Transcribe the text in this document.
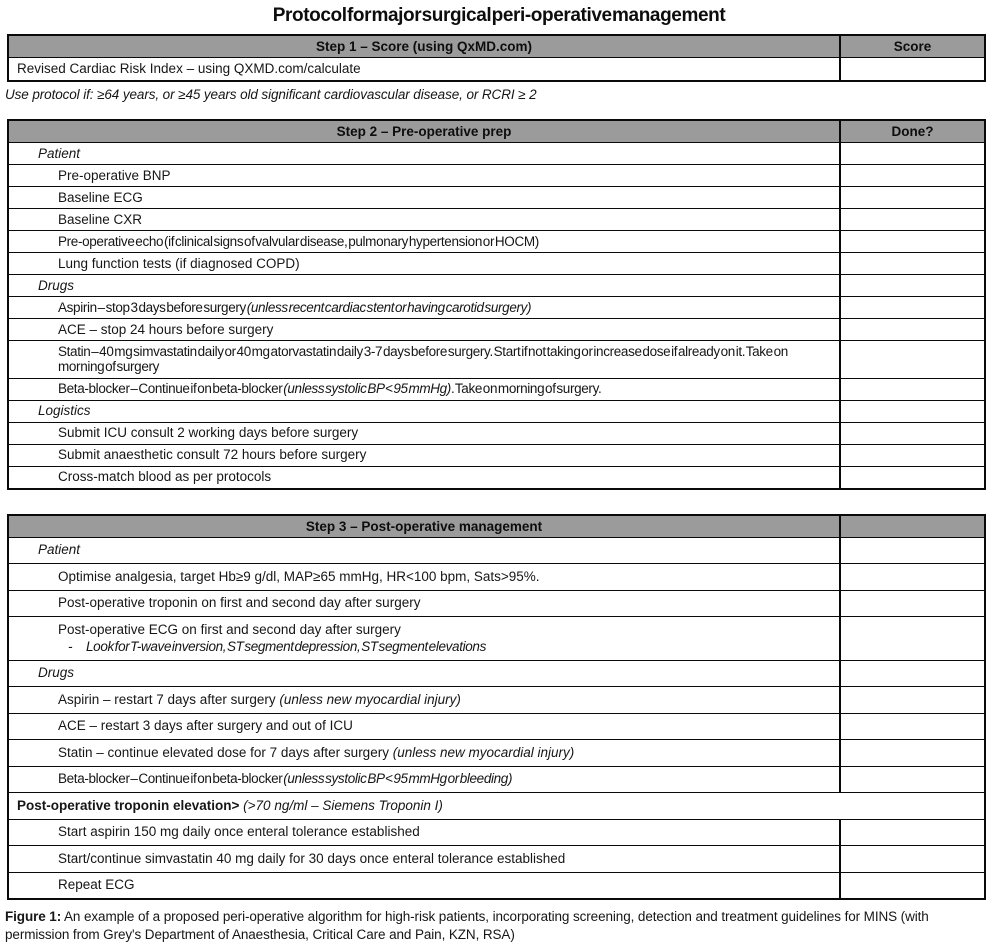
Protocol for major surgical peri-operative management
Step 1 – Score (using QxMD.com)	Score
Revised Cardiac Risk Index – using QXMD.com/calculate	

Use protocol if: ≥64 years, or ≥45 years old significant cardiovascular disease, or RCRI ≥ 2

Step 2 – Pre-operative prep	Done?
Patient	
Pre-operative BNP	
Baseline ECG	
Baseline CXR	
Pre-operative echo (if clinical signs of valvular disease, pulmonary hypertension or HOCM)	
Lung function tests (if diagnosed COPD)	
Drugs	
Aspirin – stop 3 days before surgery (unless recent cardiac stent or having carotid surgery)	
ACE – stop 24 hours before surgery	
Statin – 40 mg simvastatin daily or 40 mg atorvastatin daily 3-7 days before surgery. Start if not taking or increase dose if already on it. Take on morning of surgery	
Beta-blocker – Continue if on beta-blocker (unless systolic BP < 95 mmHg). Take on morning of surgery.	
Logistics	
Submit ICU consult 2 working days before surgery	
Submit anaesthetic consult 72 hours before surgery	
Cross-match blood as per protocols	
Step 3 – Post-operative management	
Patient	
Optimise analgesia, target Hb≥9 g/dl, MAP≥65 mmHg, HR<100 bpm, Sats>95%.	
Post-operative troponin on first and second day after surgery	

Post-operative ECG on first and second day after surgery
- Look for T-wave inversion, ST segment depression, ST segment elevations	

Drugs	
Aspirin – restart 7 days after surgery (unless new myocardial injury)	
ACE – restart 3 days after surgery and out of ICU	
Statin – continue elevated dose for 7 days after surgery (unless new myocardial injury)	
Beta-blocker – Continue if on beta-blocker (unless systolic BP < 95 mmHg or bleeding)	
Post-operative troponin elevation> (>70 ng/ml – Siemens Troponin I)	
Start aspirin 150 mg daily once enteral tolerance established	
Start/continue simvastatin 40 mg daily for 30 days once enteral tolerance established	
Repeat ECG	

Figure 1: An example of a proposed peri-operative algorithm for high-risk patients, incorporating screening, detection and treatment guidelines for MINS (with permission from Grey's Department of Anaesthesia, Critical Care and Pain, KZN, RSA)
